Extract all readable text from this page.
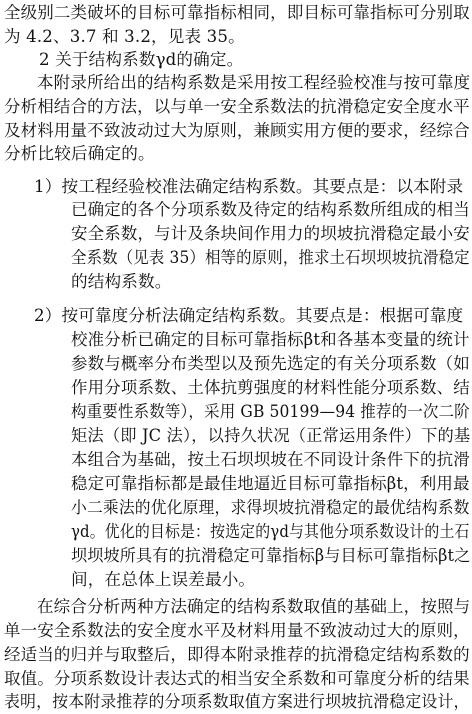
全级别二类破坏的目标可靠指标相同，即目标可靠指标可分别取
为 4.2、3.7 和 3.2，见表 35。
2 关于结构系数γd的确定。
本附录所给出的结构系数是采用按工程经验校准与按可靠度
分析相结合的方法，以与单一安全系数法的抗滑稳定安全度水平
及材料用量不致波动过大为原则，兼顾实用方便的要求，经综合
分析比较后确定的。
1）按工程经验校准法确定结构系数。其要点是：以本附录
已确定的各个分项系数及待定的结构系数所组成的相当
安全系数，与计及条块间作用力的坝坡抗滑稳定最小安
全系数（见表 35）相等的原则，推求土石坝坝坡抗滑稳定
的结构系数。
2）按可靠度分析法确定结构系数。其要点是：根据可靠度
校准分析已确定的目标可靠指标βt和各基本变量的统计
参数与概率分布类型以及预先选定的有关分项系数（如
作用分项系数、土体抗剪强度的材料性能分项系数、结
构重要性系数等），采用 GB 50199—94 推荐的一次二阶
矩法（即 JC 法），以持久状况（正常运用条件）下的基
本组合为基础，按土石坝坝坡在不同设计条件下的抗滑
稳定可靠指标都是最佳地逼近目标可靠指标βt，利用最
小二乘法的优化原理，求得坝坡抗滑稳定的最优结构系数
γd。优化的目标是：按选定的γd与其他分项系数设计的土石
坝坝坡所具有的抗滑稳定可靠指标β与目标可靠指标βt之
间，在总体上误差最小。
在综合分析两种方法确定的结构系数取值的基础上，按照与
单一安全系数法的安全度水平及材料用量不致波动过大的原则，
经适当的归并与取整后，即得本附录推荐的抗滑稳定结构系数的
取值。分项系数设计表达式的相当安全系数和可靠度分析的结果
表明，按本附录推荐的分项系数取值方案进行坝坡抗滑稳定设计，
